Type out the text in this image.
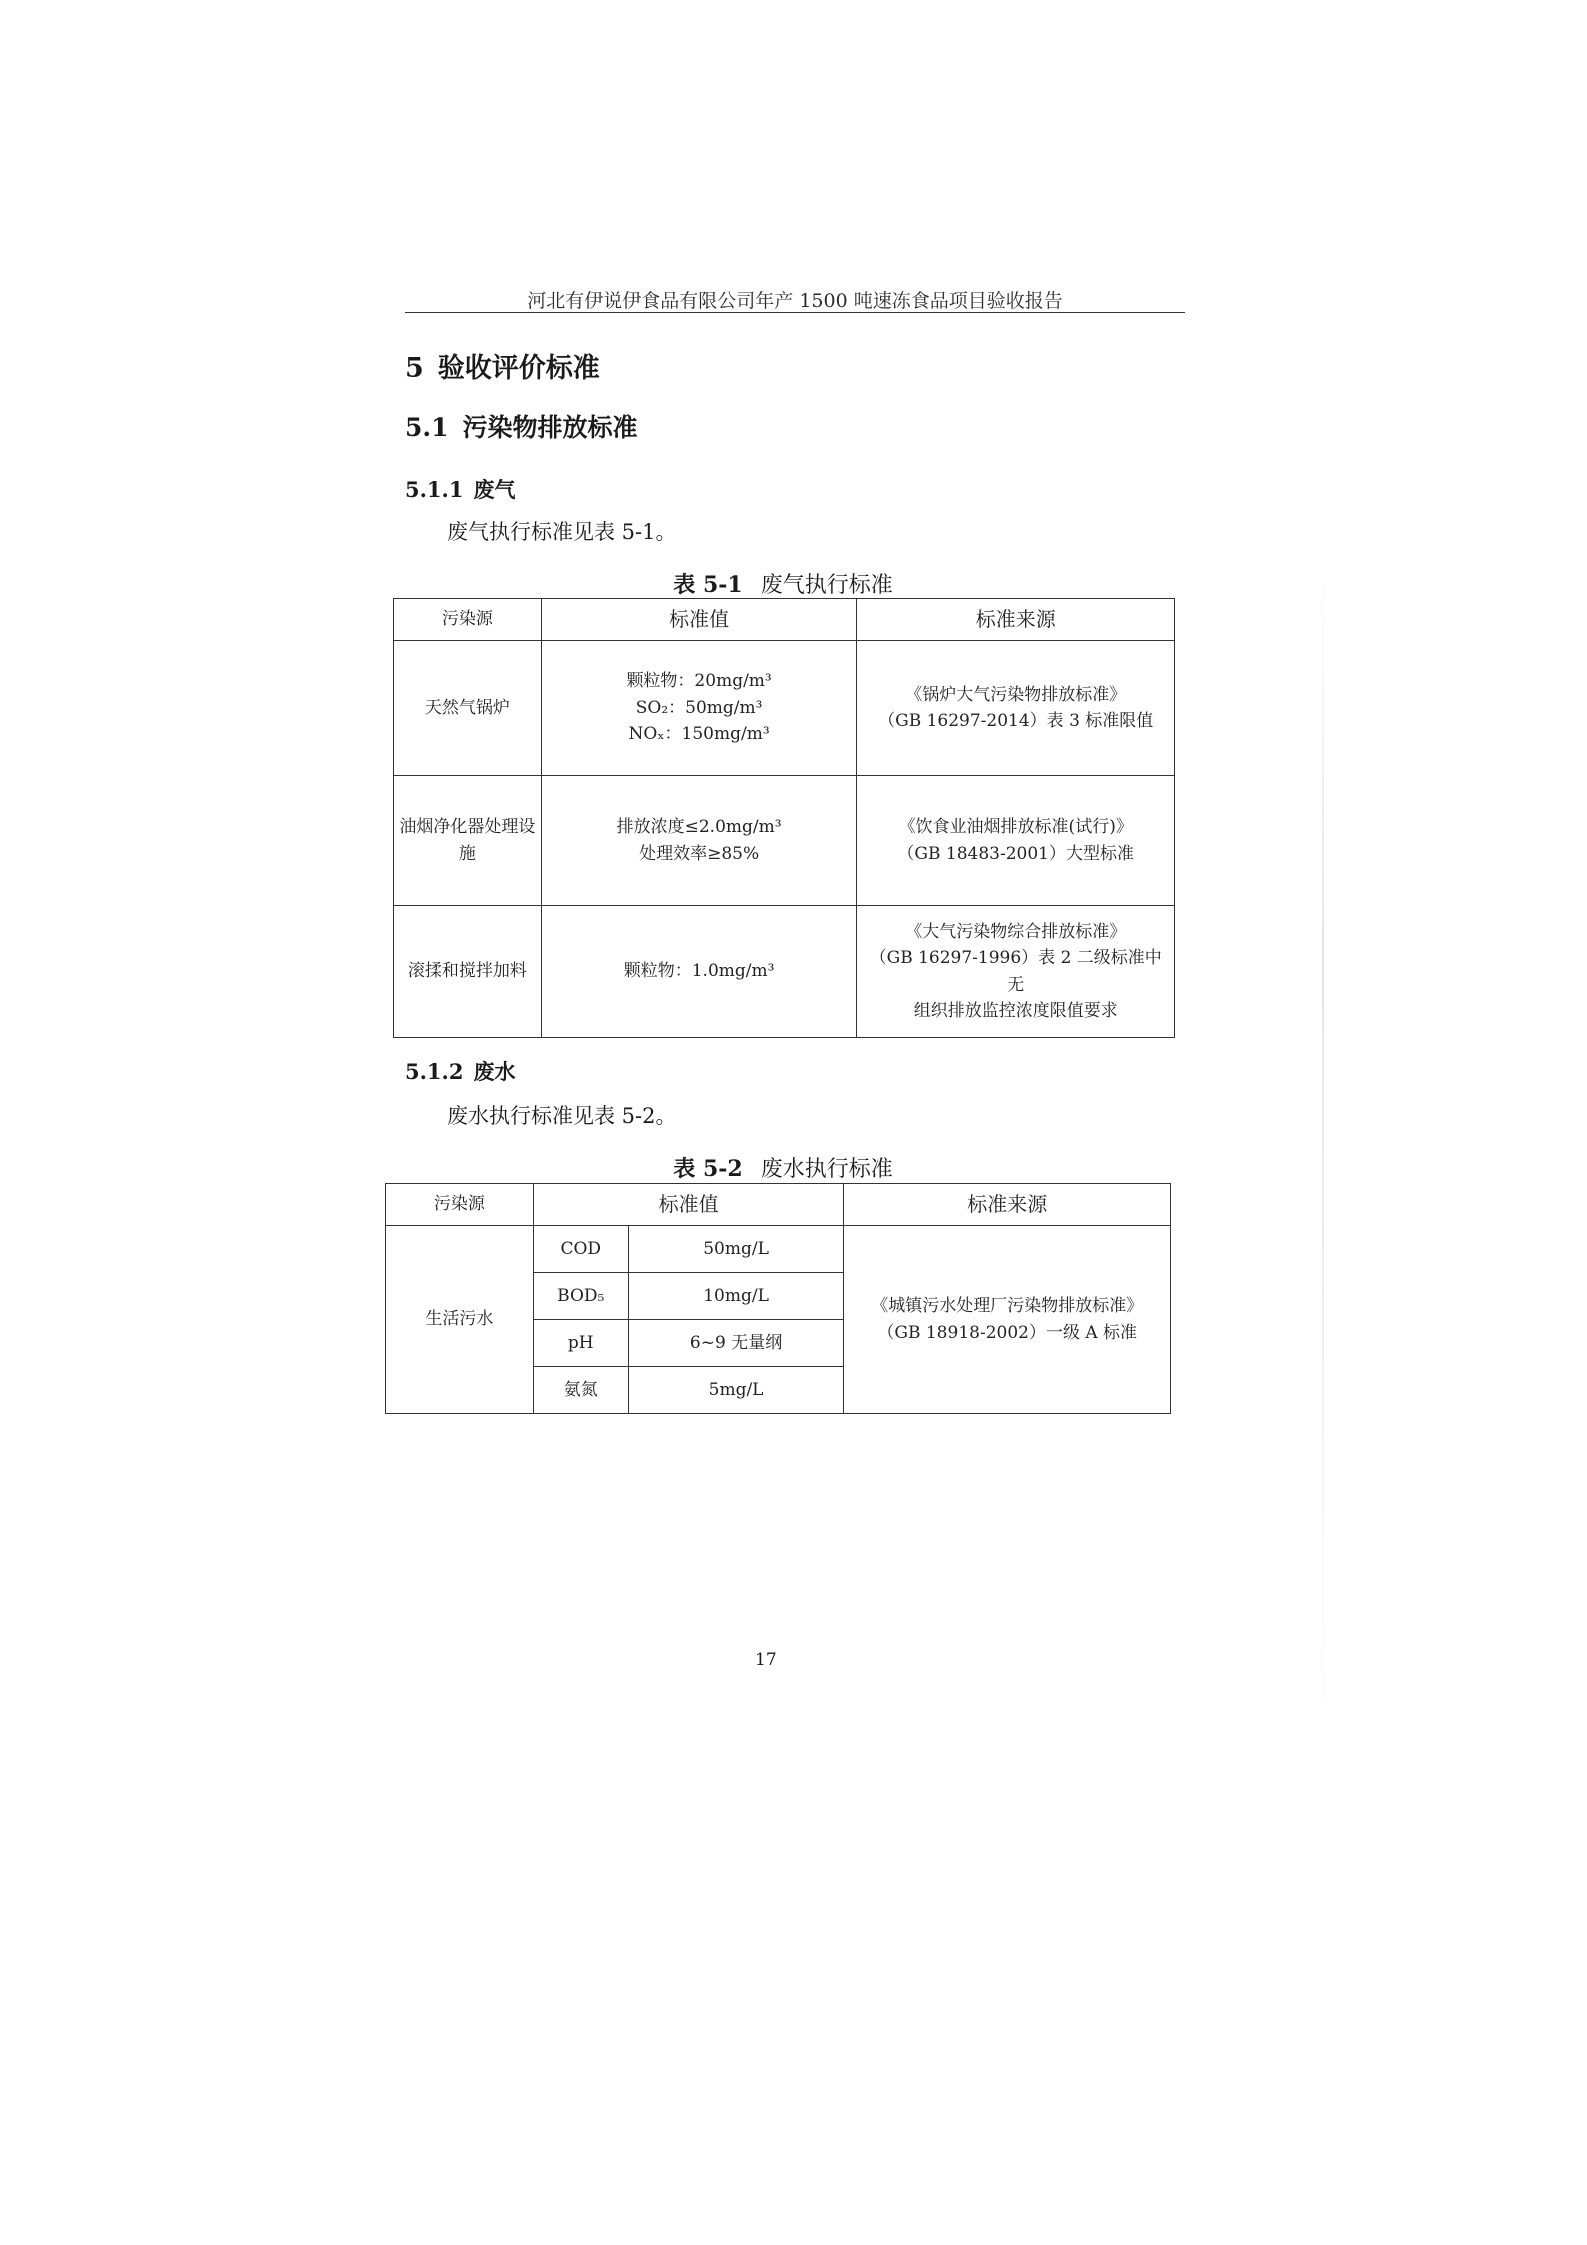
河北有伊说伊食品有限公司年产 1500 吨速冻食品项目验收报告
5 验收评价标准
5.1 污染物排放标准
5.1.1 废气

废气执行标准见表 5-1。

表 5-1 废气执行标准

污染源	标准值	标准来源
天然气锅炉	颗粒物：20mg/m³
SO₂：50mg/m³
NOₓ：150mg/m³	《锅炉大气污染物排放标准》
（GB 16297-2014）表 3 标准限值

油烟净化器处理设施	排放浓度≤2.0mg/m³
处理效率≥85%	《饮食业油烟排放标准(试行)》
（GB 18483-2001）大型标准

滚揉和搅拌加料	颗粒物：1.0mg/m³	《大气污染物综合排放标准》
（GB 16297-1996）表 2 二级标准中无
组织排放监控浓度限值要求
5.1.2 废水

废水执行标准见表 5-2。

表 5-2 废水执行标准

污染源	标准值		标准来源
生活污水	COD	50mg/L	《城镇污水处理厂污染物排放标准》
（GB 18918-2002）一级 A 标准

	BOD₅	10mg/L	
	pH	6~9 无量纲	
	氨氮	5mg/L	
17
